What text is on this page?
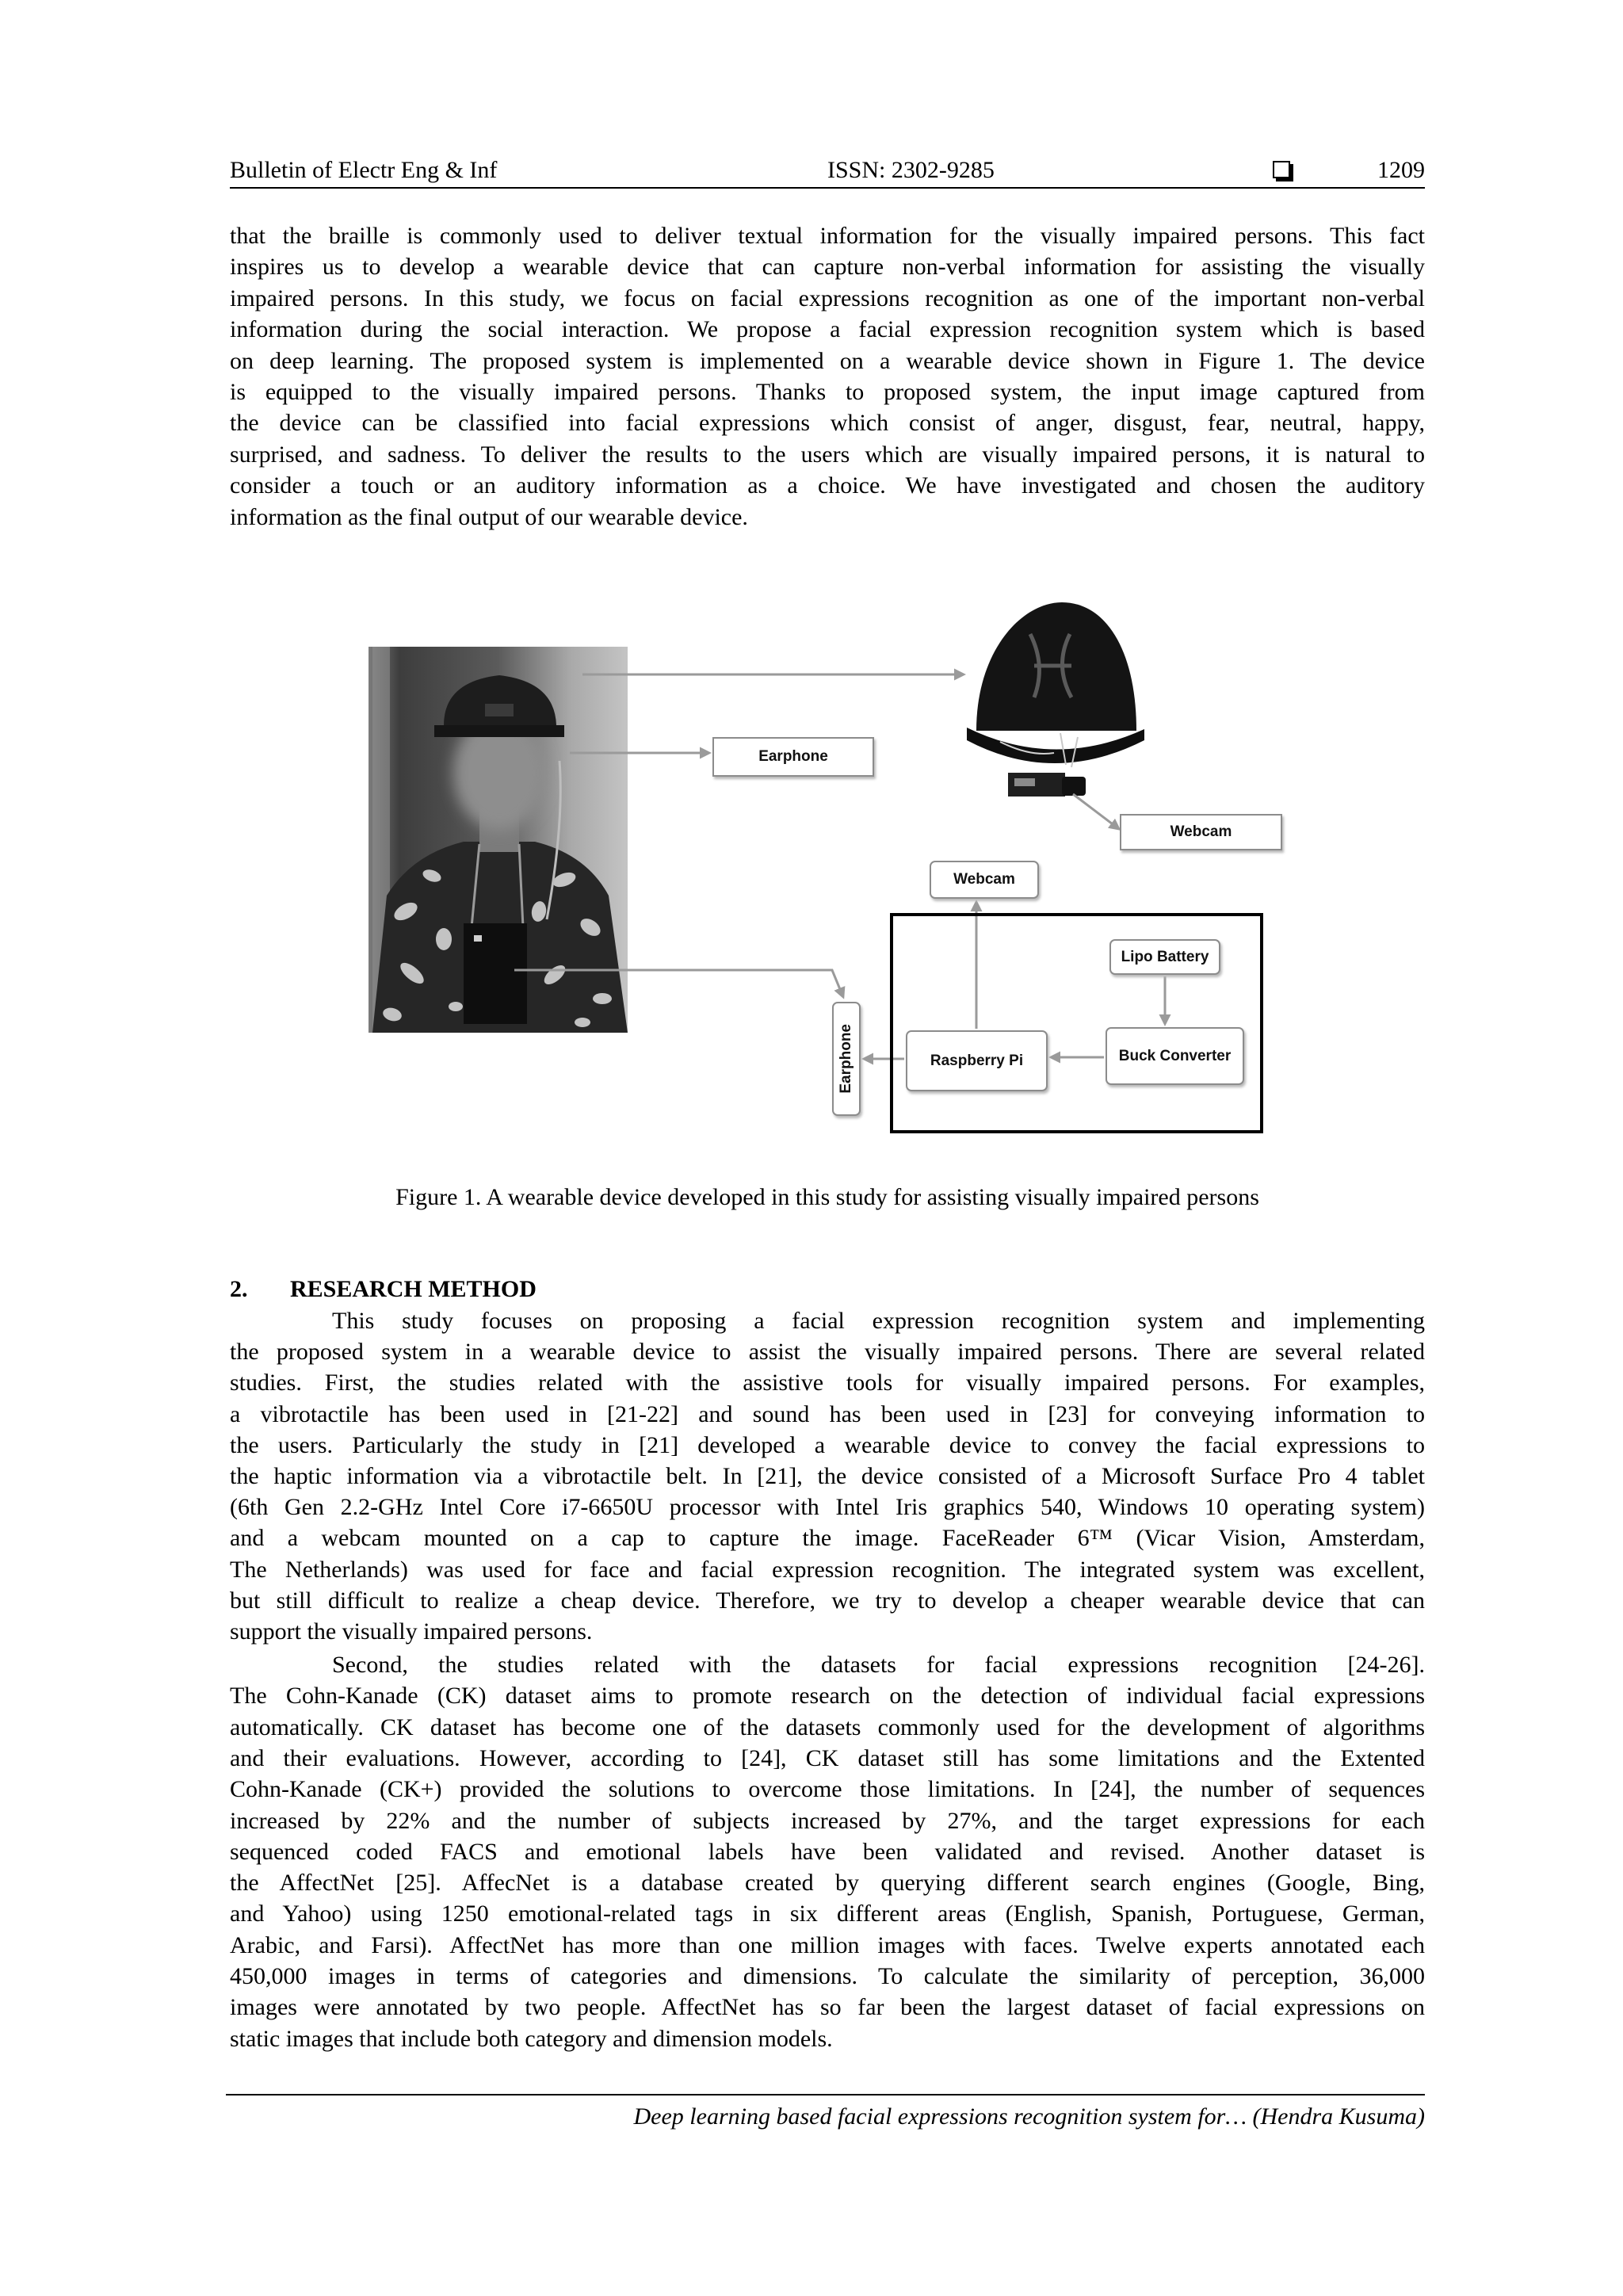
Bulletin of Electr Eng & Inf	ISSN: 2302-9285	1209
that the braille is commonly used to deliver textual information for the visually impaired persons. This fact
inspires us to develop a wearable device that can capture non-verbal information for assisting the visually
impaired persons. In this study, we focus on facial expressions recognition as one of the important non-verbal
information during the social interaction. We propose a facial expression recognition system which is based
on deep learning. The proposed system is implemented on a wearable device shown in Figure 1. The device
is equipped to the visually impaired persons. Thanks to proposed system, the input image captured from
the device can be classified into facial expressions which consist of anger, disgust, fear, neutral, happy,
surprised, and sadness. To deliver the results to the users which are visually impaired persons, it is natural to
consider a touch or an auditory information as a choice. We have investigated and chosen the auditory
information as the final output of our wearable device.
Earphone
Webcam
Webcam
Lipo Battery
Raspberry Pi	Buck Converter
Earphone
Figure 1. A wearable device developed in this study for assisting visually impaired persons
2. RESEARCH METHOD
This study focuses on proposing a facial expression recognition system and implementing
the proposed system in a wearable device to assist the visually impaired persons. There are several related
studies. First, the studies related with the assistive tools for visually impaired persons. For examples,
a vibrotactile has been used in [21-22] and sound has been used in [23] for conveying information to
the users. Particularly the study in [21] developed a wearable device to convey the facial expressions to
the haptic information via a vibrotactile belt. In [21], the device consisted of a Microsoft Surface Pro 4 tablet
(6th Gen 2.2-GHz Intel Core i7-6650U processor with Intel Iris graphics 540, Windows 10 operating system)
and a webcam mounted on a cap to capture the image. FaceReader 6™ (Vicar Vision, Amsterdam,
The Netherlands) was used for face and facial expression recognition. The integrated system was excellent,
but still difficult to realize a cheap device. Therefore, we try to develop a cheaper wearable device that can
support the visually impaired persons.
Second, the studies related with the datasets for facial expressions recognition [24-26].
The Cohn-Kanade (CK) dataset aims to promote research on the detection of individual facial expressions
automatically. CK dataset has become one of the datasets commonly used for the development of algorithms
and their evaluations. However, according to [24], CK dataset still has some limitations and the Extented
Cohn-Kanade (CK+) provided the solutions to overcome those limitations. In [24], the number of sequences
increased by 22% and the number of subjects increased by 27%, and the target expressions for each
sequenced coded FACS and emotional labels have been validated and revised. Another dataset is
the AffectNet [25]. AffecNet is a database created by querying different search engines (Google, Bing,
and Yahoo) using 1250 emotional-related tags in six different areas (English, Spanish, Portuguese, German,
Arabic, and Farsi). AffectNet has more than one million images with faces. Twelve experts annotated each
450,000 images in terms of categories and dimensions. To calculate the similarity of perception, 36,000
images were annotated by two people. AffectNet has so far been the largest dataset of facial expressions on
static images that include both category and dimension models.
Deep learning based facial expressions recognition system for… (Hendra Kusuma)
